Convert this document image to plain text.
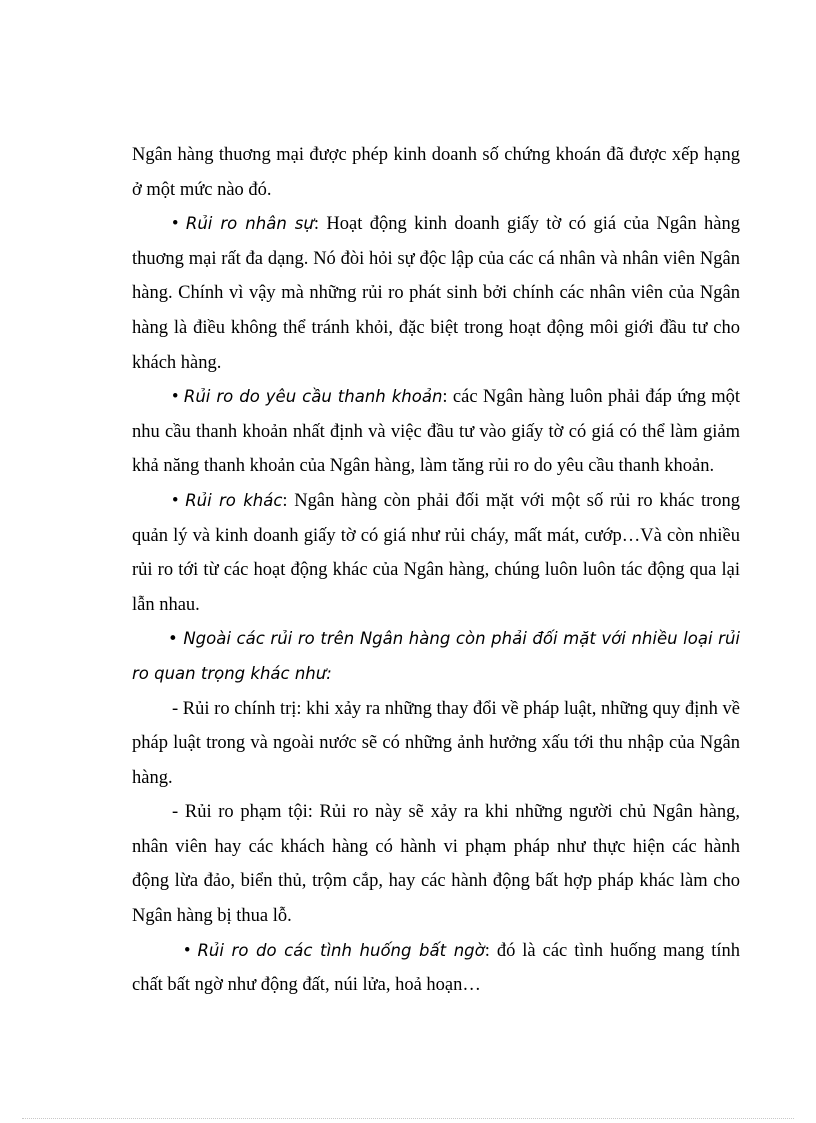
Ngân hàng thuơng mại được phép kinh doanh số chứng khoán đã được xếp hạng ở một mức nào đó.

• Rủi ro nhân sự: Hoạt động kinh doanh giấy tờ có giá của Ngân hàng thuơng mại rất đa dạng. Nó đòi hỏi sự độc lập của các cá nhân và nhân viên Ngân hàng. Chính vì vậy mà những rủi ro phát sinh bởi chính các nhân viên của Ngân hàng là điều không thể tránh khỏi, đặc biệt trong hoạt động môi giới đầu tư cho khách hàng.

• Rủi ro do yêu cầu thanh khoản: các Ngân hàng luôn phải đáp ứng một nhu cầu thanh khoản nhất định và việc đầu tư vào giấy tờ có giá có thể làm giảm khả năng thanh khoản của Ngân hàng, làm tăng rủi ro do yêu cầu thanh khoản.

• Rủi ro khác: Ngân hàng còn phải đối mặt với một số rủi ro khác trong quản lý và kinh doanh giấy tờ có giá như rủi cháy, mất mát, cướp…Và còn nhiều rủi ro tới từ các hoạt động khác của Ngân hàng, chúng luôn luôn tác động qua lại lẫn nhau.

• Ngoài các rủi ro trên Ngân hàng còn phải đối mặt với nhiều loại rủi ro quan trọng khác như:

- Rủi ro chính trị: khi xảy ra những thay đổi về pháp luật, những quy định về pháp luật trong và ngoài nước sẽ có những ảnh hưởng xấu tới thu nhập của Ngân hàng.

- Rủi ro phạm tội: Rủi ro này sẽ xảy ra khi những người chủ Ngân hàng, nhân viên hay các khách hàng có hành vi phạm pháp như thực hiện các hành động lừa đảo, biển thủ, trộm cắp, hay các hành động bất hợp pháp khác làm cho Ngân hàng bị thua lỗ.

• Rủi ro do các tình huống bất ngờ: đó là các tình huống mang tính chất bất ngờ như động đất, núi lửa, hoả hoạn…
